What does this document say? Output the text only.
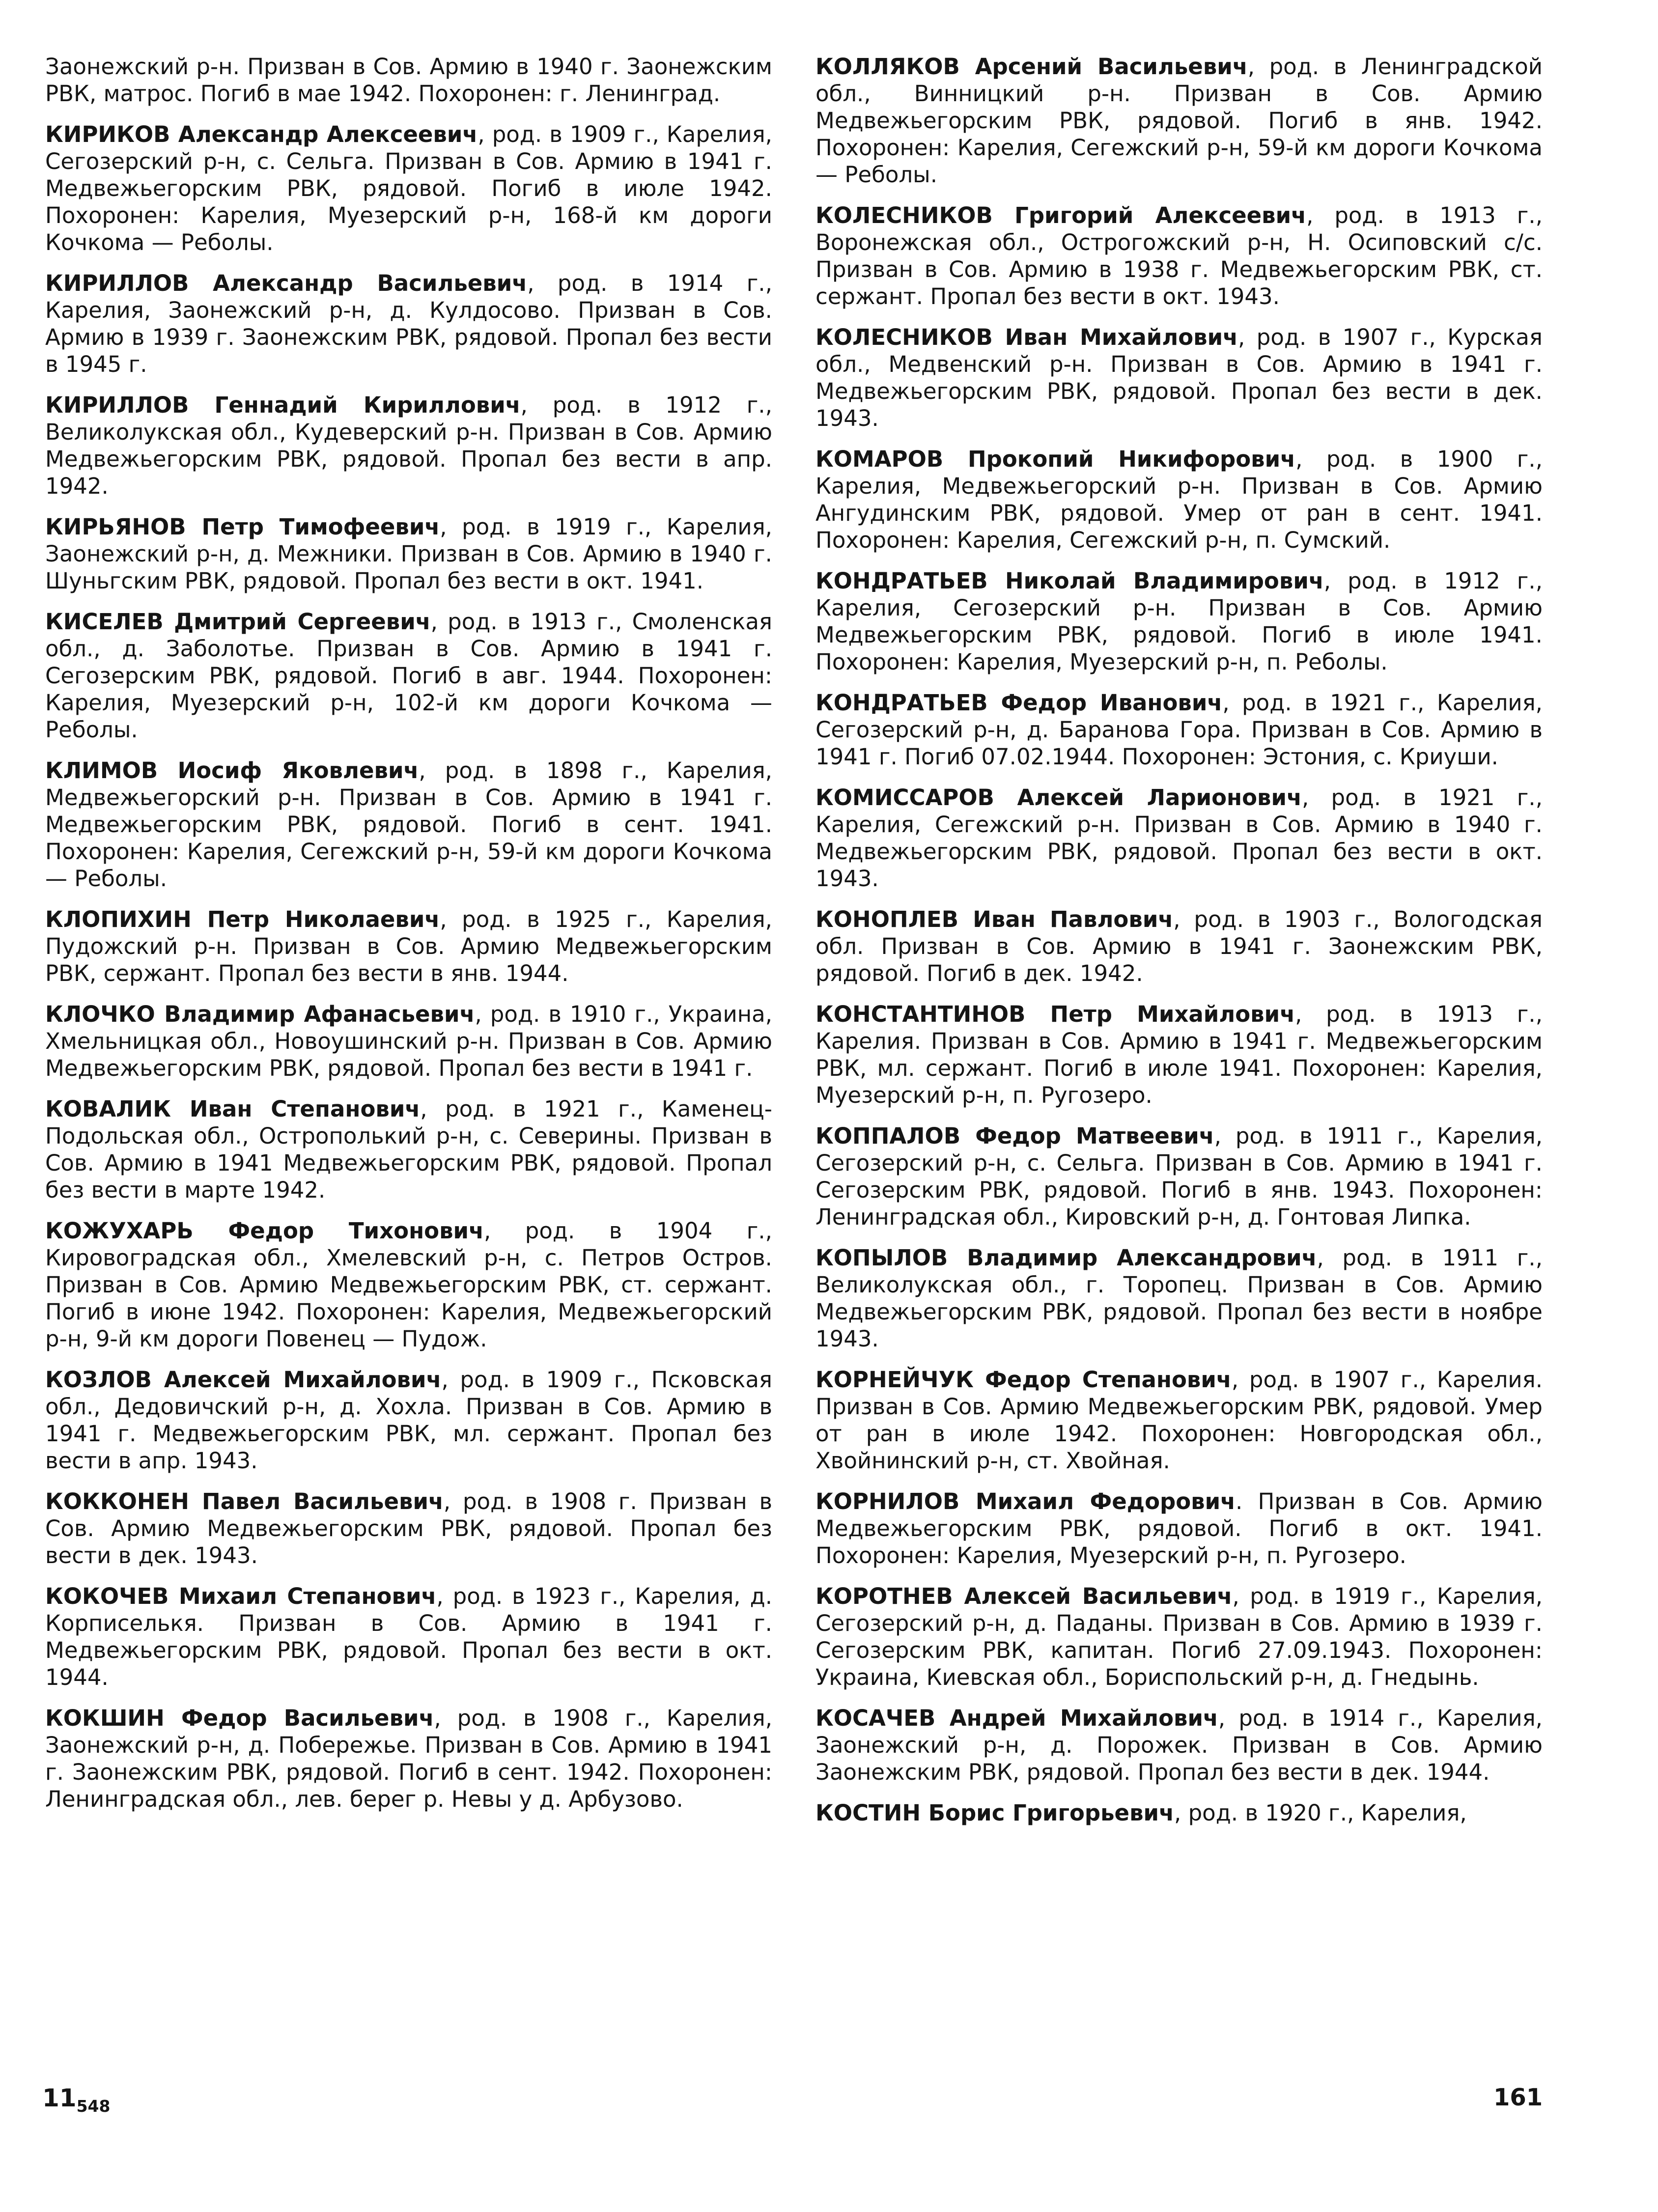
Заонежский р-н. Призван в Сов. Армию в 1940 г. Заонежским РВК, матрос. Погиб в мае 1942. Похоронен: г. Ленинград.

КИРИКОВ Александр Алексеевич, род. в 1909 г., Карелия, Сегозерский р-н, с. Сельга. Призван в Сов. Армию в 1941 г. Медвежьегорским РВК, рядовой. Погиб в июле 1942. Похоронен: Карелия, Муезерский р-н, 168-й км дороги Кочкома — Реболы.

КИРИЛЛОВ Александр Васильевич, род. в 1914 г., Карелия, Заонежский р-н, д. Кулдосово. Призван в Сов. Армию в 1939 г. Заонежским РВК, рядовой. Пропал без вести в 1945 г.

КИРИЛЛОВ Геннадий Кириллович, род. в 1912 г., Великолукская обл., Кудеверский р-н. Призван в Сов. Армию Медвежьегорским РВК, рядовой. Пропал без вести в апр. 1942.

КИРЬЯНОВ Петр Тимофеевич, род. в 1919 г., Карелия, Заонежский р-н, д. Межники. Призван в Сов. Армию в 1940 г. Шуньгским РВК, рядовой. Пропал без вести в окт. 1941.

КИСЕЛЕВ Дмитрий Сергеевич, род. в 1913 г., Смоленская обл., д. Заболотье. Призван в Сов. Армию в 1941 г. Сегозерским РВК, рядовой. Погиб в авг. 1944. Похоронен: Карелия, Муезерский р-н, 102-й км дороги Кочкома — Реболы.

КЛИМОВ Иосиф Яковлевич, род. в 1898 г., Карелия, Медвежьегорский р-н. Призван в Сов. Армию в 1941 г. Медвежьегорским РВК, рядовой. Погиб в сент. 1941. Похоронен: Карелия, Сегежский р-н, 59-й км дороги Кочкома — Реболы.

КЛОПИХИН Петр Николаевич, род. в 1925 г., Карелия, Пудожский р-н. Призван в Сов. Армию Медвежьегорским РВК, сержант. Пропал без вести в янв. 1944.

КЛОЧКО Владимир Афанасьевич, род. в 1910 г., Украина, Хмельницкая обл., Новоушинский р-н. Призван в Сов. Армию Медвежьегорским РВК, рядовой. Пропал без вести в 1941 г.

КОВАЛИК Иван Степанович, род. в 1921 г., Каменец-Подольская обл., Острополький р-н, с. Северины. Призван в Сов. Армию в 1941 Медвежьегорским РВК, рядовой. Пропал без вести в марте 1942.

КОЖУХАРЬ Федор Тихонович, род. в 1904 г., Кировоградская обл., Хмелевский р-н, с. Петров Остров. Призван в Сов. Армию Медвежьегорским РВК, ст. сержант. Погиб в июне 1942. Похоронен: Карелия, Медвежьегорский р-н, 9-й км дороги Повенец — Пудож.

КОЗЛОВ Алексей Михайлович, род. в 1909 г., Псковская обл., Дедовичский р-н, д. Хохла. Призван в Сов. Армию в 1941 г. Медвежьегорским РВК, мл. сержант. Пропал без вести в апр. 1943.

КОККОНЕН Павел Васильевич, род. в 1908 г. Призван в Сов. Армию Медвежьегорским РВК, рядовой. Пропал без вести в дек. 1943.

КОКОЧЕВ Михаил Степанович, род. в 1923 г., Карелия, д. Корписелькя. Призван в Сов. Армию в 1941 г. Медвежьегорским РВК, рядовой. Пропал без вести в окт. 1944.

КОКШИН Федор Васильевич, род. в 1908 г., Карелия, Заонежский р-н, д. Побережье. Призван в Сов. Армию в 1941 г. Заонежским РВК, рядовой. Погиб в сент. 1942. Похоронен: Ленинградская обл., лев. берег р. Невы у д. Арбузово.

КОЛЛЯКОВ Арсений Васильевич, род. в Ленинградской обл., Винницкий р-н. Призван в Сов. Армию Медвежьегорским РВК, рядовой. Погиб в янв. 1942. Похоронен: Карелия, Сегежский р-н, 59-й км дороги Кочкома — Реболы.

КОЛЕСНИКОВ Григорий Алексеевич, род. в 1913 г., Воронежская обл., Острогожский р-н, Н. Осиповский с/с. Призван в Сов. Армию в 1938 г. Медвежьегорским РВК, ст. сержант. Пропал без вести в окт. 1943.

КОЛЕСНИКОВ Иван Михайлович, род. в 1907 г., Курская обл., Медвенский р-н. Призван в Сов. Армию в 1941 г. Медвежьегорским РВК, рядовой. Пропал без вести в дек. 1943.

КОМАРОВ Прокопий Никифорович, род. в 1900 г., Карелия, Медвежьегорский р-н. Призван в Сов. Армию Ангудинским РВК, рядовой. Умер от ран в сент. 1941. Похоронен: Карелия, Сегежский р-н, п. Сумский.

КОНДРАТЬЕВ Николай Владимирович, род. в 1912 г., Карелия, Сегозерский р-н. Призван в Сов. Армию Медвежьегорским РВК, рядовой. Погиб в июле 1941. Похоронен: Карелия, Муезерский р-н, п. Реболы.

КОНДРАТЬЕВ Федор Иванович, род. в 1921 г., Карелия, Сегозерский р-н, д. Баранова Гора. Призван в Сов. Армию в 1941 г. Погиб 07.02.1944. Похоронен: Эстония, с. Криуши.

КОМИССАРОВ Алексей Ларионович, род. в 1921 г., Карелия, Сегежский р-н. Призван в Сов. Армию в 1940 г. Медвежьегорским РВК, рядовой. Пропал без вести в окт. 1943.

КОНОПЛЕВ Иван Павлович, род. в 1903 г., Вологодская обл. Призван в Сов. Армию в 1941 г. Заонежским РВК, рядовой. Погиб в дек. 1942.

КОНСТАНТИНОВ Петр Михайлович, род. в 1913 г., Карелия. Призван в Сов. Армию в 1941 г. Медвежьегорским РВК, мл. сержант. Погиб в июле 1941. Похоронен: Карелия, Муезерский р-н, п. Ругозеро.

КОППАЛОВ Федор Матвеевич, род. в 1911 г., Карелия, Сегозерский р-н, с. Сельга. Призван в Сов. Армию в 1941 г. Сегозерским РВК, рядовой. Погиб в янв. 1943. Похоронен: Ленинградская обл., Кировский р-н, д. Гонтовая Липка.

КОПЫЛОВ Владимир Александрович, род. в 1911 г., Великолукская обл., г. Торопец. Призван в Сов. Армию Медвежьегорским РВК, рядовой. Пропал без вести в ноябре 1943.

КОРНЕЙЧУК Федор Степанович, род. в 1907 г., Карелия. Призван в Сов. Армию Медвежьегорским РВК, рядовой. Умер от ран в июле 1942. Похоронен: Новгородская обл., Хвойнинский р-н, ст. Хвойная.

КОРНИЛОВ Михаил Федорович. Призван в Сов. Армию Медвежьегорским РВК, рядовой. Погиб в окт. 1941. Похоронен: Карелия, Муезерский р-н, п. Ругозеро.

КОРОТНЕВ Алексей Васильевич, род. в 1919 г., Карелия, Сегозерский р-н, д. Паданы. Призван в Сов. Армию в 1939 г. Сегозерским РВК, капитан. Погиб 27.09.1943. Похоронен: Украина, Киевская обл., Бориспольский р-н, д. Гнедынь.

КОСАЧЕВ Андрей Михайлович, род. в 1914 г., Карелия, Заонежский р-н, д. Порожек. Призван в Сов. Армию Заонежским РВК, рядовой. Пропал без вести в дек. 1944.

КОСТИН Борис Григорьевич, род. в 1920 г., Карелия,

$11_{548}$	161
